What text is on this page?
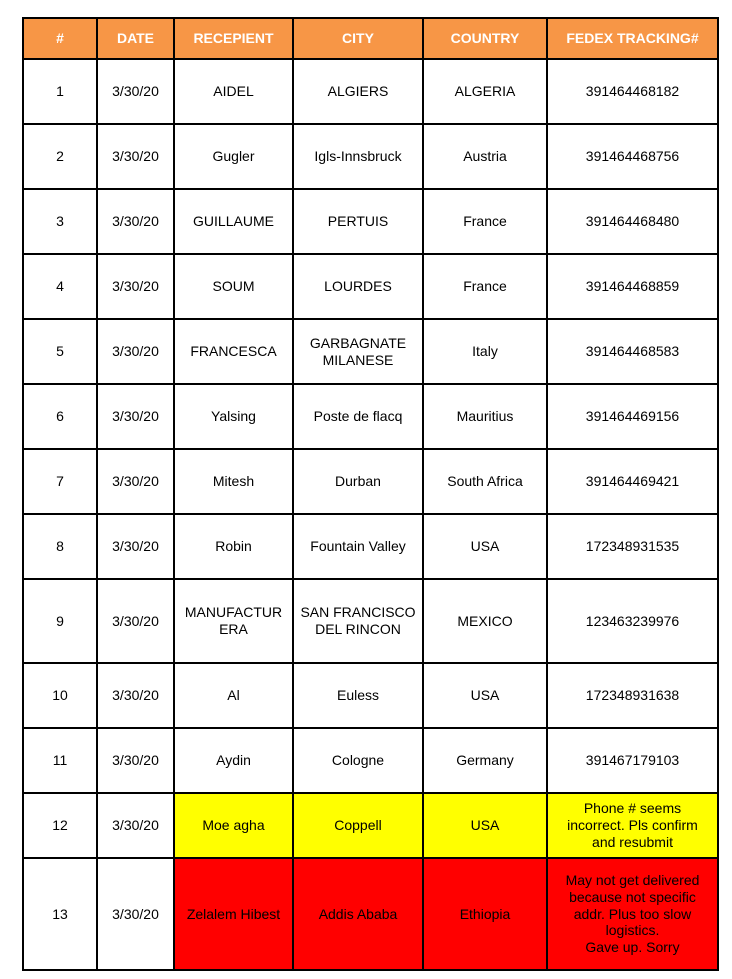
#	DATE	RECEPIENT	CITY	COUNTRY	FEDEX TRACKING#
1	3/30/20	AIDEL	ALGIERS	ALGERIA	391464468182
2	3/30/20	Gugler	Igls-Innsbruck	Austria	391464468756
3	3/30/20	GUILLAUME	PERTUIS	France	391464468480
4	3/30/20	SOUM	LOURDES	France	391464468859
5	3/30/20	FRANCESCA	GARBAGNATE
MILANESE	Italy	391464468583
6	3/30/20	Yalsing	Poste de flacq	Mauritius	391464469156
7	3/30/20	Mitesh	Durban	South Africa	391464469421
8	3/30/20	Robin	Fountain Valley	USA	172348931535
9	3/30/20	MANUFACTUR
ERA	SAN FRANCISCO
DEL RINCON	MEXICO	123463239976
10	3/30/20	Al	Euless	USA	172348931638
11	3/30/20	Aydin	Cologne	Germany	391467179103
12	3/30/20	Moe agha	Coppell	USA	Phone # seems
incorrect. Pls confirm
and resubmit
13	3/30/20	Zelalem Hibest	Addis Ababa	Ethiopia	May not get delivered
because not specific
addr. Plus too slow
logistics.
Gave up. Sorry
